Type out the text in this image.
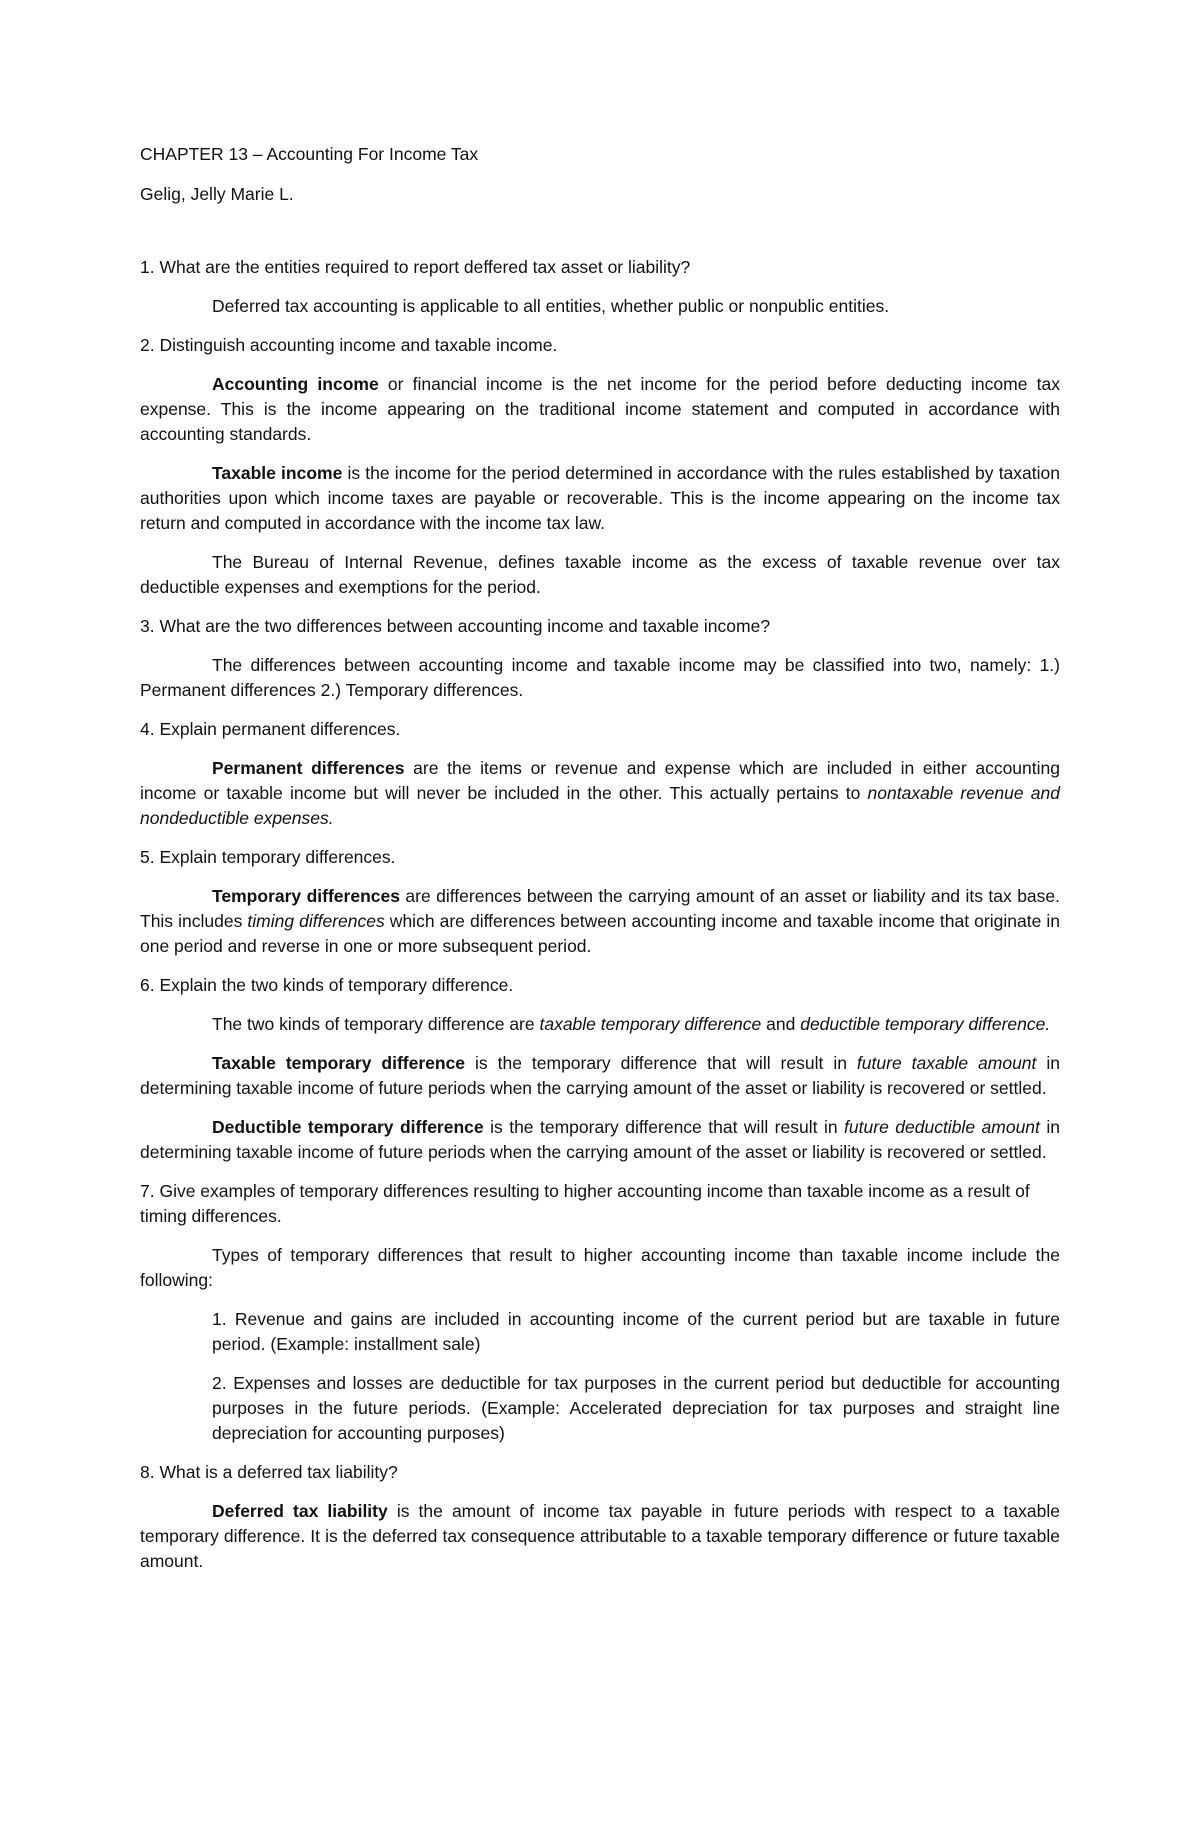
CHAPTER 13 – Accounting For Income Tax

Gelig, Jelly Marie L.

1. What are the entities required to report deffered tax asset or liability?

Deferred tax accounting is applicable to all entities, whether public or nonpublic entities.

2. Distinguish accounting income and taxable income.

Accounting income or financial income is the net income for the period before deducting income tax expense. This is the income appearing on the traditional income statement and computed in accordance with accounting standards.

Taxable income is the income for the period determined in accordance with the rules established by taxation authorities upon which income taxes are payable or recoverable. This is the income appearing on the income tax return and computed in accordance with the income tax law.

The Bureau of Internal Revenue, defines taxable income as the excess of taxable revenue over tax deductible expenses and exemptions for the period.

3. What are the two differences between accounting income and taxable income?

The differences between accounting income and taxable income may be classified into two, namely: 1.) Permanent differences 2.) Temporary differences.

4. Explain permanent differences.

Permanent differences are the items or revenue and expense which are included in either accounting income or taxable income but will never be included in the other. This actually pertains to nontaxable revenue and nondeductible expenses.

5. Explain temporary differences.

Temporary differences are differences between the carrying amount of an asset or liability and its tax base. This includes timing differences which are differences between accounting income and taxable income that originate in one period and reverse in one or more subsequent period.

6. Explain the two kinds of temporary difference.

The two kinds of temporary difference are taxable temporary difference and deductible temporary difference.

Taxable temporary difference is the temporary difference that will result in future taxable amount in determining taxable income of future periods when the carrying amount of the asset or liability is recovered or settled.

Deductible temporary difference is the temporary difference that will result in future deductible amount in determining taxable income of future periods when the carrying amount of the asset or liability is recovered or settled.

7. Give examples of temporary differences resulting to higher accounting income than taxable income as a result of timing differences.

Types of temporary differences that result to higher accounting income than taxable income include the following:

1. Revenue and gains are included in accounting income of the current period but are taxable in future period. (Example: installment sale)

2. Expenses and losses are deductible for tax purposes in the current period but deductible for accounting purposes in the future periods. (Example: Accelerated depreciation for tax purposes and straight line depreciation for accounting purposes)

8. What is a deferred tax liability?

Deferred tax liability is the amount of income tax payable in future periods with respect to a taxable temporary difference. It is the deferred tax consequence attributable to a taxable temporary difference or future taxable amount.
